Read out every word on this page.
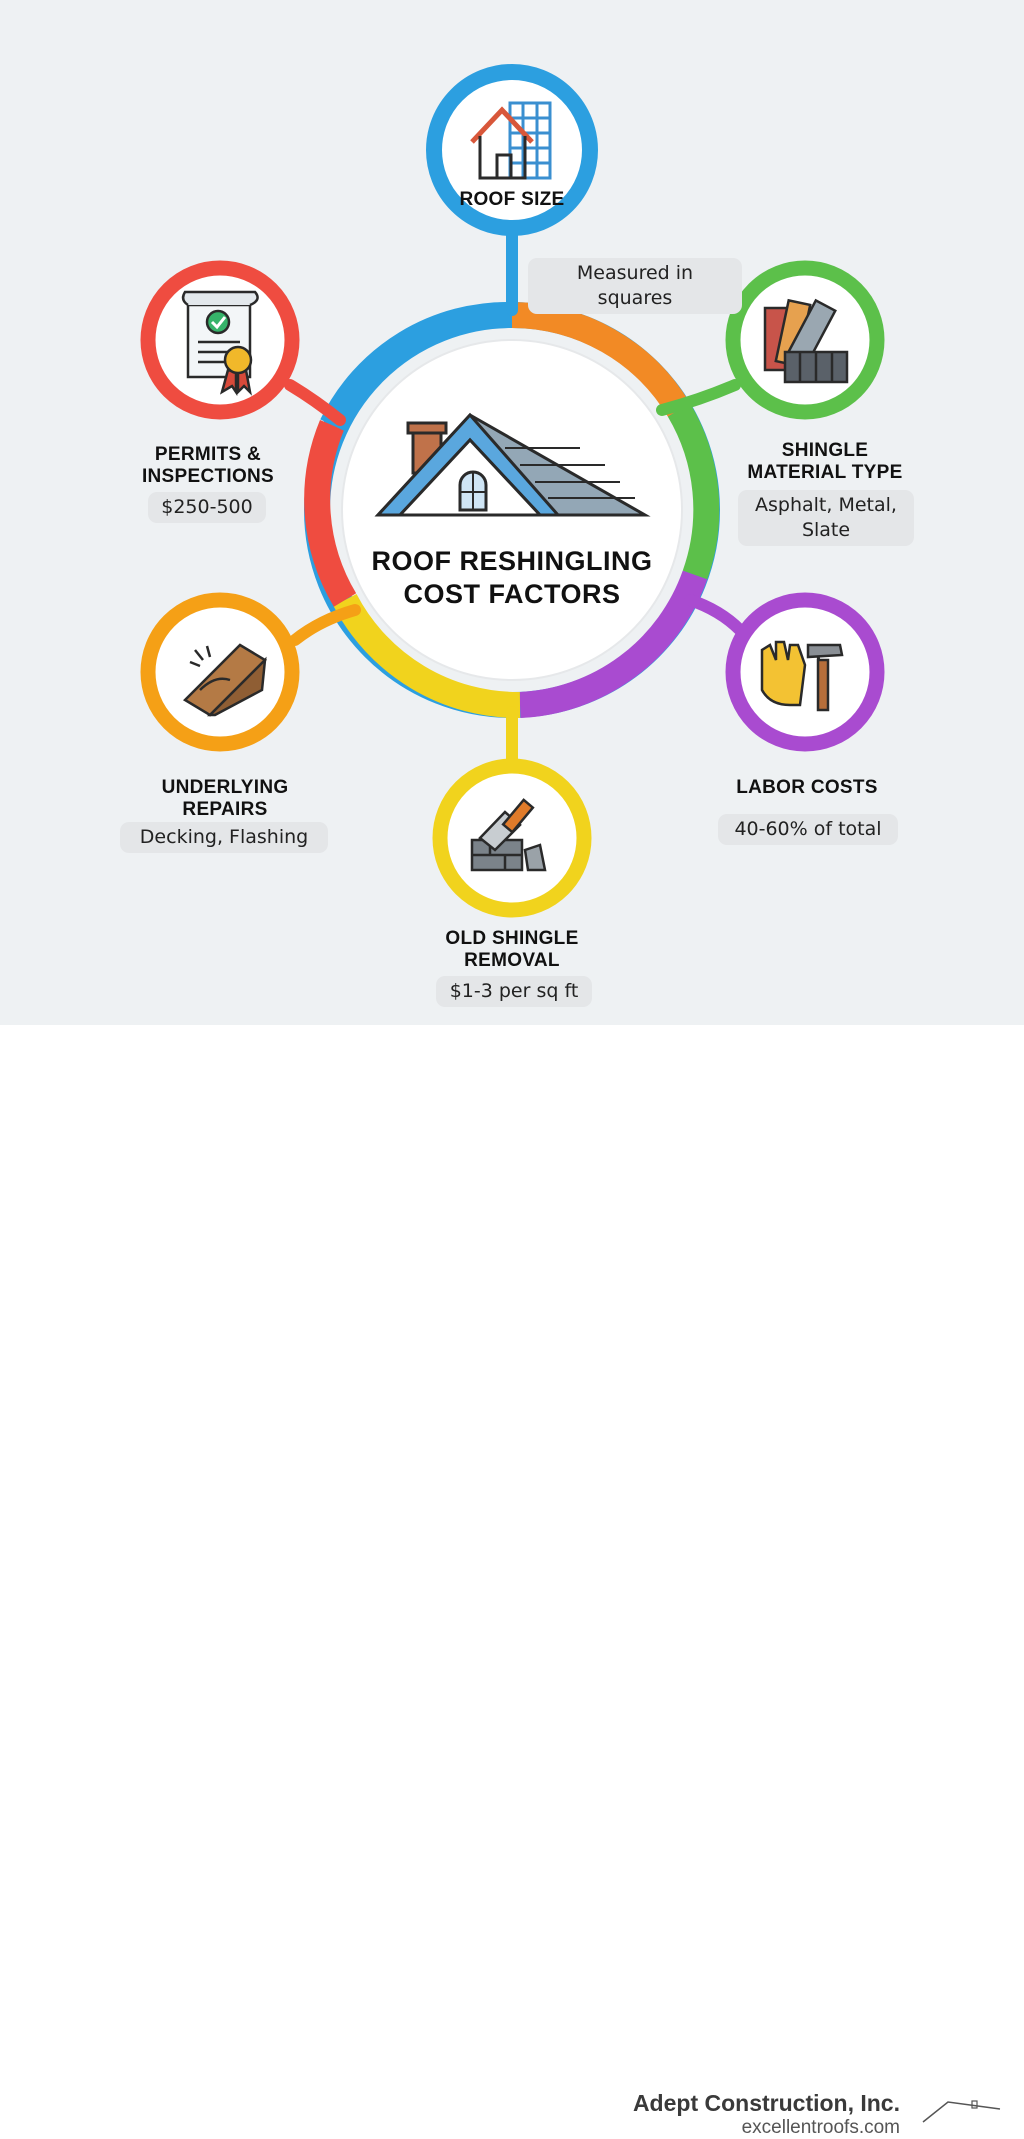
ROOF RESHINGLING
COST FACTORS
ROOF SIZE
Measured in squares
SHINGLE
MATERIAL TYPE
Asphalt, Metal,
Slate
LABOR COSTS
40-60% of total
OLD SHINGLE
REMOVAL
$1-3 per sq ft
UNDERLYING
REPAIRS
Decking, Flashing
PERMITS &
INSPECTIONS
$250-500
Adept Construction, Inc.
excellentroofs.com
